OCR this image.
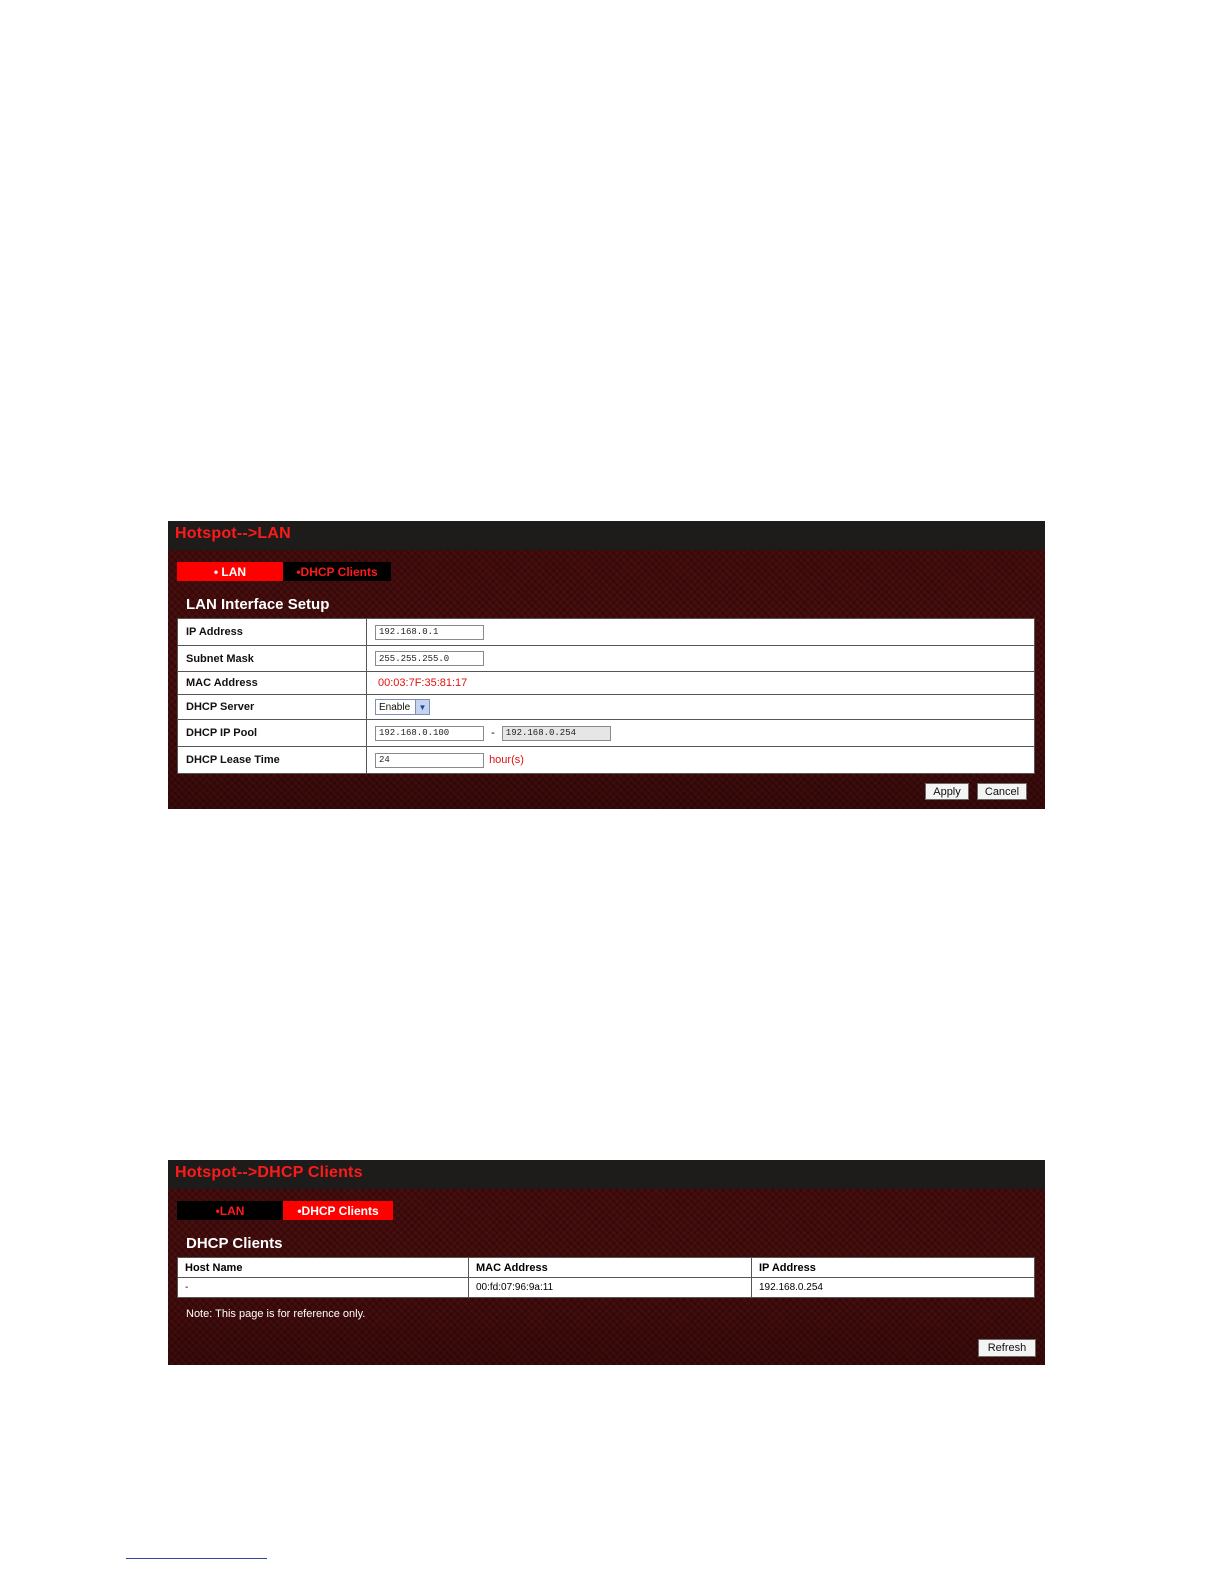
Hotspot-->LAN
• LAN	•DHCP Clients
LAN Interface Setup
IP Address	192.168.0.1
Subnet Mask	255.255.255.0
MAC Address	00:03:7F:35:81:17
DHCP Server	Enable ▼

DHCP IP Pool	192.168.0.100- 192.168.0.254
DHCP Lease Time	24hour(s)
Apply	Cancel
Hotspot-->DHCP Clients
•LAN	•DHCP Clients
DHCP Clients
Host Name	MAC Address	IP Address
-	00:fd:07:96:9a:11	192.168.0.254
Note: This page is for reference only.
Refresh
